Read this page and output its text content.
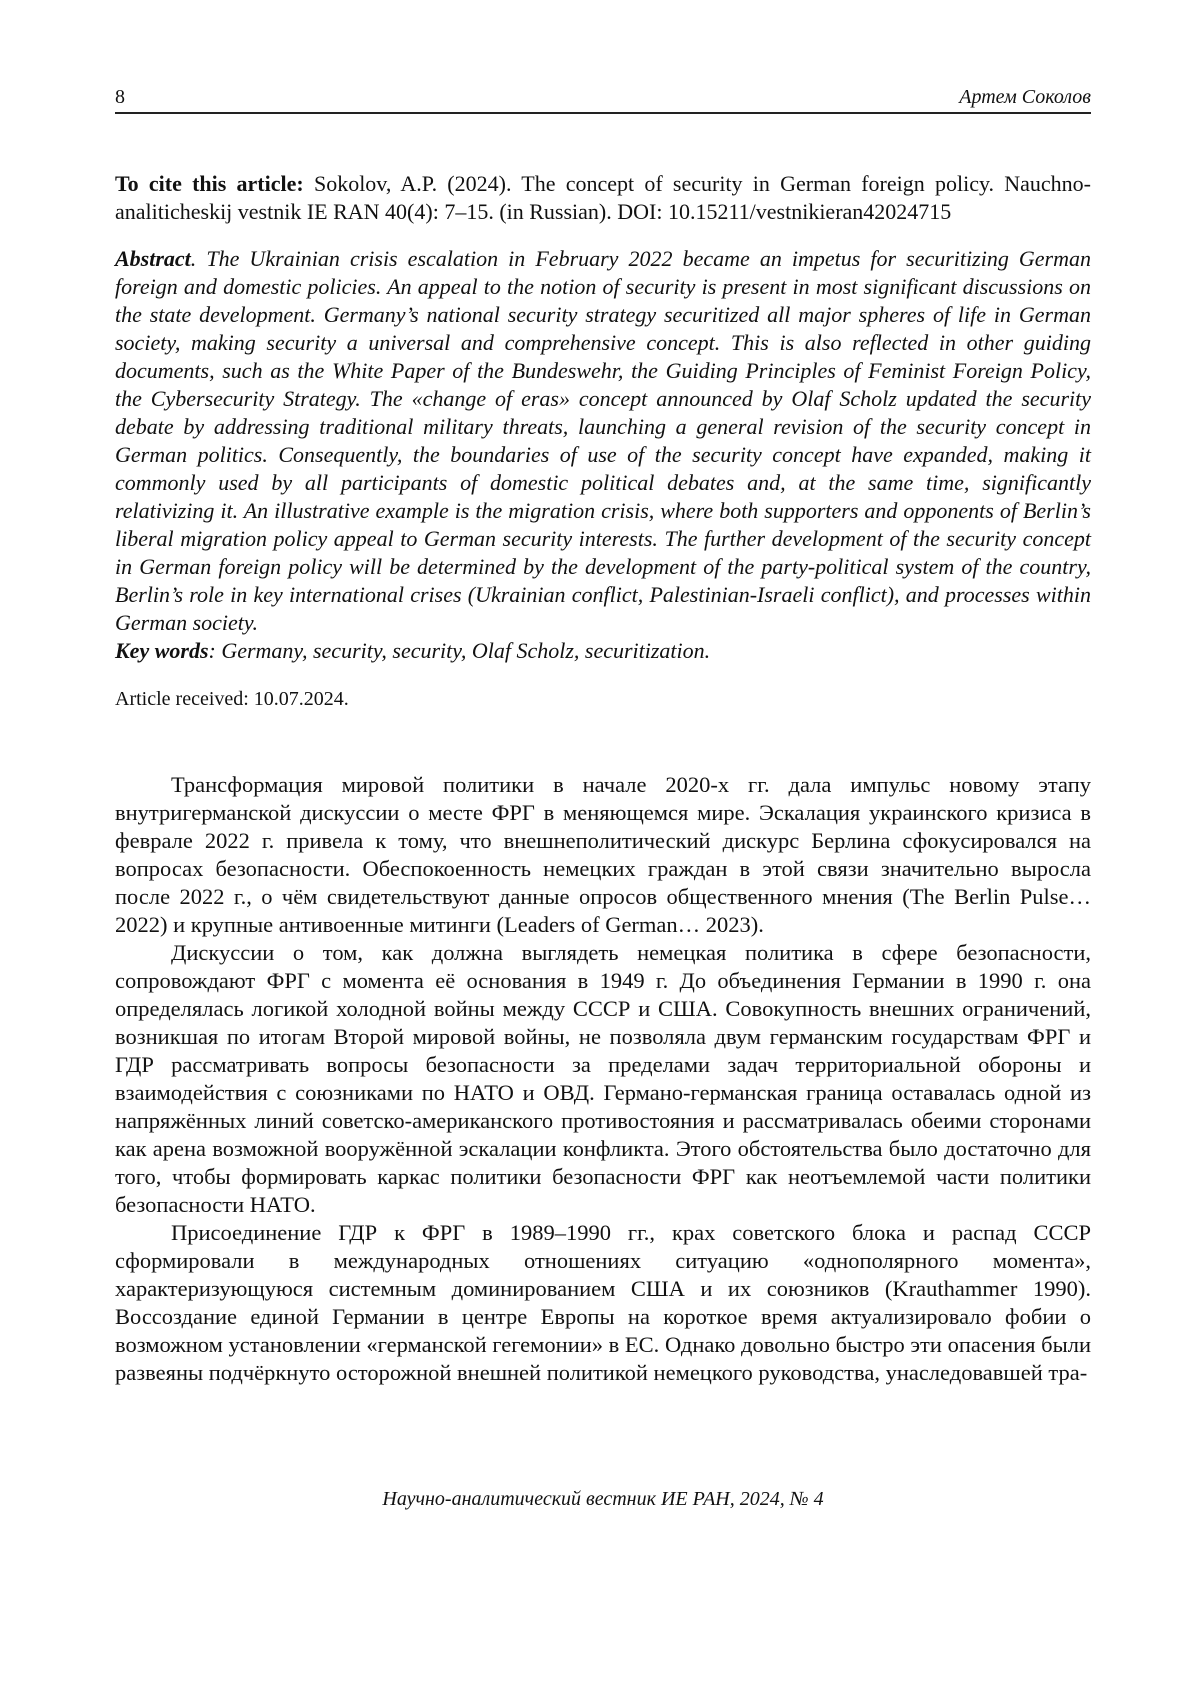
8	Артем Соколов

To cite this article: Sokolov, A.P. (2024). The concept of security in German foreign policy. Nauchno-analiticheskij vestnik IE RAN 40(4): 7–15. (in Russian). DOI: 10.15211/vestnikieran42024715

Abstract. The Ukrainian crisis escalation in February 2022 became an impetus for securitizing German foreign and domestic policies. An appeal to the notion of security is present in most significant discussions on the state development. Germany’s national security strategy securitized all major spheres of life in German society, making security a universal and comprehensive concept. This is also reflected in other guiding documents, such as the White Paper of the Bundeswehr, the Guiding Principles of Feminist Foreign Policy, the Cybersecurity Strategy. The «change of eras» concept announced by Olaf Scholz updated the security debate by addressing traditional military threats, launching a general revision of the security concept in German politics. Consequently, the boundaries of use of the security concept have expanded, making it commonly used by all participants of domestic political debates and, at the same time, significantly relativizing it. An illustrative example is the migration crisis, where both supporters and opponents of Berlin’s liberal migration policy appeal to German security interests. The further development of the security concept in German foreign policy will be determined by the development of the party-political system of the country, Berlin’s role in key international crises (Ukrainian conflict, Palestinian-Israeli conflict), and processes within German society.

Key words: Germany, security, security, Olaf Scholz, securitization.

Article received: 10.07.2024.

Трансформация мировой политики в начале 2020-х гг. дала импульс новому этапу внутригерманской дискуссии о месте ФРГ в меняющемся мире. Эскалация украинского кризиса в феврале 2022 г. привела к тому, что внешнеполитический дискурс Берлина сфокусировался на вопросах безопасности. Обеспокоенность немецких граждан в этой связи значительно выросла после 2022 г., о чём свидетельствуют данные опросов общественного мнения (The Berlin Pulse… 2022) и крупные антивоенные митинги (Leaders of German… 2023).

Дискуссии о том, как должна выглядеть немецкая политика в сфере безопасности, сопровождают ФРГ с момента её основания в 1949 г. До объединения Германии в 1990 г. она определялась логикой холодной войны между СССР и США. Совокупность внешних ограничений, возникшая по итогам Второй мировой войны, не позволяла двум германским государствам ФРГ и ГДР рассматривать вопросы безопасности за пределами задач территориальной обороны и взаимодействия с союзниками по НАТО и ОВД. Германо-германская граница оставалась одной из напряжённых линий советско-американского противостояния и рассматривалась обеими сторонами как арена возможной вооружённой эскалации конфликта. Этого обстоятельства было достаточно для того, чтобы формировать каркас политики безопасности ФРГ как неотъемлемой части политики безопасности НАТО.

Присоединение ГДР к ФРГ в 1989–1990 гг., крах советского блока и распад СССР сформировали в международных отношениях ситуацию «однополярного момента», характеризующуюся системным доминированием США и их союзников (Krauthammer 1990). Воссоздание единой Германии в центре Европы на короткое время актуализировало фобии о возможном установлении «германской гегемонии» в ЕС. Однако довольно быстро эти опасения были развеяны подчёркнуто осторожной внешней политикой немецкого руководства, унаследовавшей тра-

Научно-аналитический вестник ИЕ РАН, 2024, № 4
